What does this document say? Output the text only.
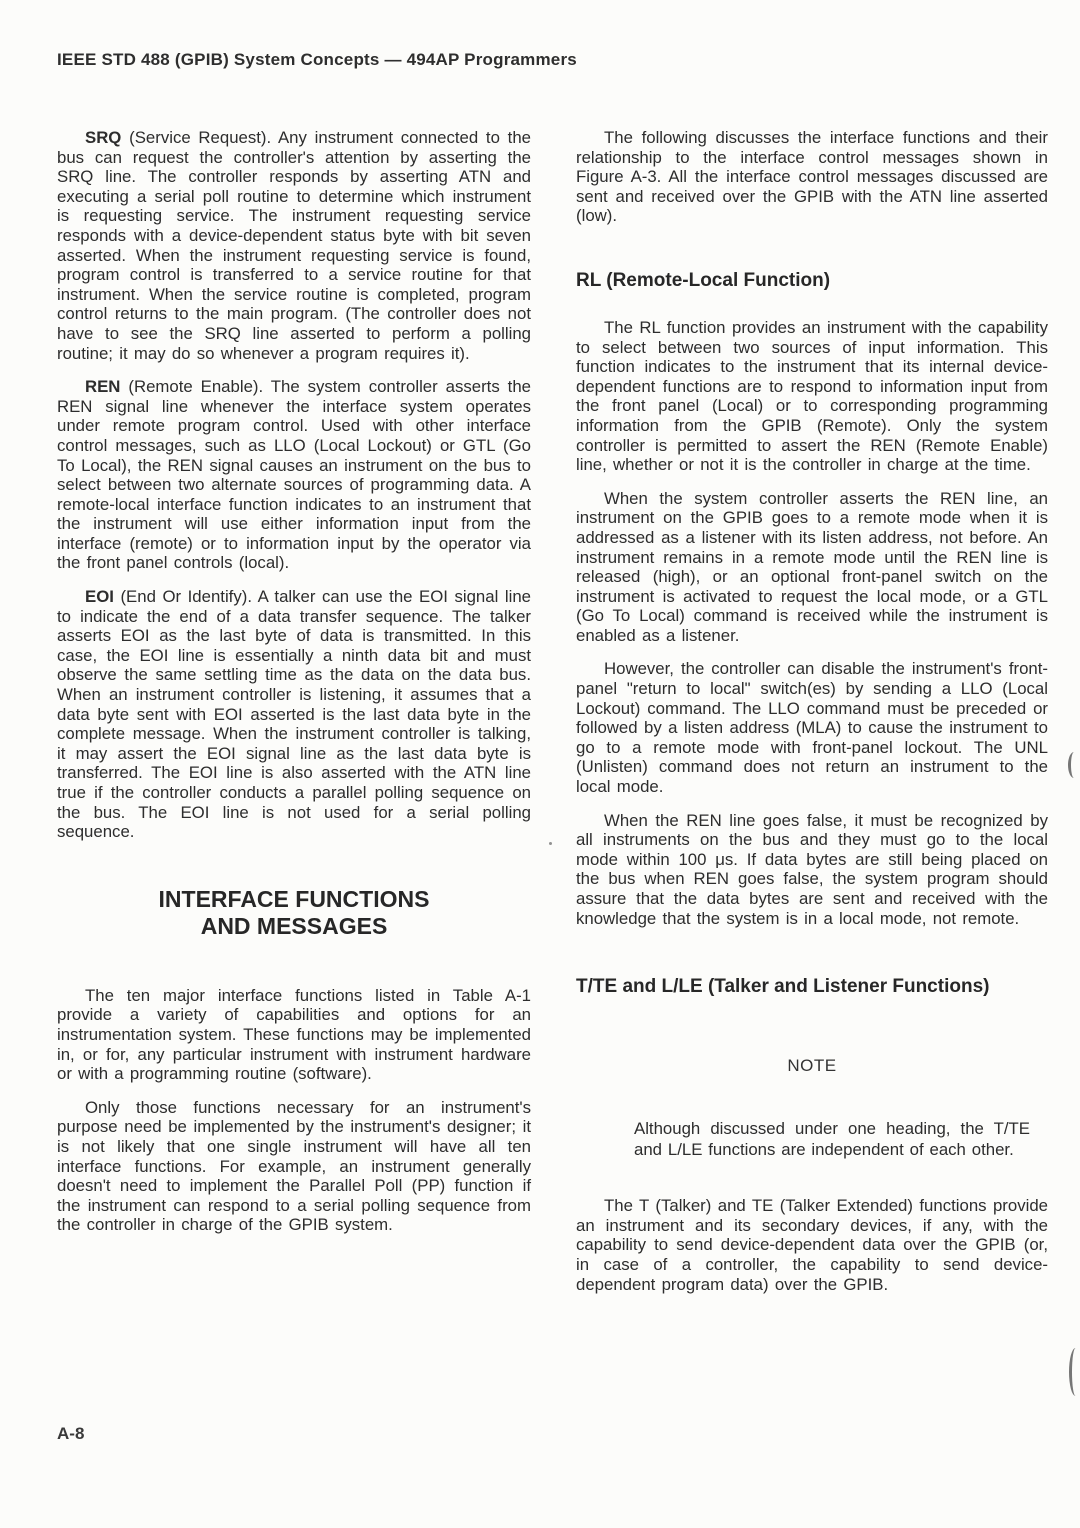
IEEE STD 488 (GPIB) System Concepts — 494AP Programmers

SRQ (Service Request). Any instrument connected to the bus can request the controller's attention by asserting the SRQ line. The controller responds by asserting ATN and executing a serial poll routine to determine which instrument is requesting service. The instrument requesting service responds with a device-dependent status byte with bit seven asserted. When the instrument requesting service is found, program control is transferred to a service routine for that instrument. When the service routine is completed, program control returns to the main program. (The controller does not have to see the SRQ line asserted to perform a polling routine; it may do so whenever a program requires it).

REN (Remote Enable). The system controller asserts the REN signal line whenever the interface system operates under remote program control. Used with other interface control messages, such as LLO (Local Lockout) or GTL (Go To Local), the REN signal causes an instrument on the bus to select between two alternate sources of programming data. A remote-local interface function indicates to an instrument that the instrument will use either information input from the interface (remote) or to information input by the operator via the front panel controls (local).

EOI (End Or Identify). A talker can use the EOI signal line to indicate the end of a data transfer sequence. The talker asserts EOI as the last byte of data is transmitted. In this case, the EOI line is essentially a ninth data bit and must observe the same settling time as the data on the data bus. When an instrument controller is listening, it assumes that a data byte sent with EOI asserted is the last data byte in the complete message. When the instrument controller is talking, it may assert the EOI signal line as the last data byte is transferred. The EOI line is also asserted with the ATN line true if the controller conducts a parallel polling sequence on the bus. The EOI line is not used for a serial polling sequence.

INTERFACE FUNCTIONS
AND MESSAGES

The ten major interface functions listed in Table A-1 provide a variety of capabilities and options for an instrumentation system. These functions may be implemented in, or for, any particular instrument with instrument hardware or with a programming routine (software).

Only those functions necessary for an instrument's purpose need be implemented by the instrument's designer; it is not likely that one single instrument will have all ten interface functions. For example, an instrument generally doesn't need to implement the Parallel Poll (PP) function if the instrument can respond to a serial polling sequence from the controller in charge of the GPIB system.

The following discusses the interface functions and their relationship to the interface control messages shown in Figure A-3. All the interface control messages discussed are sent and received over the GPIB with the ATN line asserted (low).

RL (Remote-Local Function)

The RL function provides an instrument with the capability to select between two sources of input information. This function indicates to the instrument that its internal device-dependent functions are to respond to information input from the front panel (Local) or to corresponding programming information from the GPIB (Remote). Only the system controller is permitted to assert the REN (Remote Enable) line, whether or not it is the controller in charge at the time.

When the system controller asserts the REN line, an instrument on the GPIB goes to a remote mode when it is addressed as a listener with its listen address, not before. An instrument remains in a remote mode until the REN line is released (high), or an optional front-panel switch on the instrument is activated to request the local mode, or a GTL (Go To Local) command is received while the instrument is enabled as a listener.

However, the controller can disable the instrument's front-panel "return to local" switch(es) by sending a LLO (Local Lockout) command. The LLO command must be preceded or followed by a listen address (MLA) to cause the instrument to go to a remote mode with front-panel lockout. The UNL (Unlisten) command does not return an instrument to the local mode.

When the REN line goes false, it must be recognized by all instruments on the bus and they must go to the local mode within 100 μs. If data bytes are still being placed on the bus when REN goes false, the system program should assure that the data bytes are sent and received with the knowledge that the system is in a local mode, not remote.

T/TE and L/LE (Talker and Listener Functions)
NOTE

Although discussed under one heading, the T/TE and L/LE functions are independent of each other.

The T (Talker) and TE (Talker Extended) functions provide an instrument and its secondary devices, if any, with the capability to send device-dependent data over the GPIB (or, in case of a controller, the capability to send device-dependent program data) over the GPIB.

A-8
